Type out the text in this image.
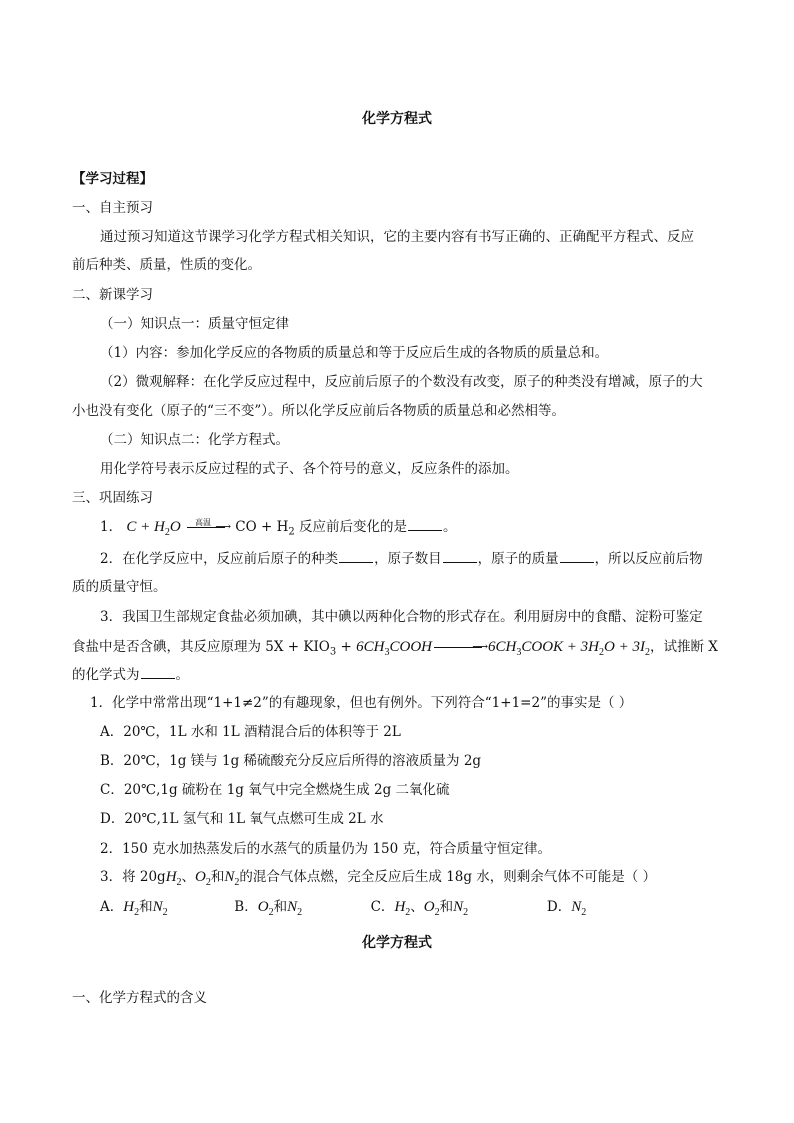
化学方程式
【学习过程】
一、自主预习
通过预习知道这节课学习化学方程式相关知识，它的主要内容有书写正确的、正确配平方程式、反应
前后种类、质量，性质的变化。
二、新课学习
（一）知识点一：质量守恒定律
（1）内容：参加化学反应的各物质的质量总和等于反应后生成的各物质的质量总和。
（2）微观解释：在化学反应过程中，反应前后原子的个数没有改变，原子的种类没有增减，原子的大
小也没有变化（原子的“三不变”）。所以化学反应前后各物质的质量总和必然相等。
（二）知识点二：化学方程式。
用化学符号表示反应过程的式子、各个符号的意义，反应条件的添加。
三、巩固练习
1． $C + H_2O$ 高温 ⟶ CO + $H_2$ 反应前后变化的是	。
2．在化学反应中，反应前后原子的种类	，原子数目	，原子的质量	，所以反应前后物
质的质量守恒。
3．我国卫生部规定食盐必须加碘，其中碘以两种化合物的形式存在。利用厨房中的食醋、淀粉可鉴定
食盐中是否含碘，其反应原理为 $5X + KIO_3$ + $6CH_3COOH$	⟶ $6CH_3COOK + 3H_2O + 3I_2$，试推断 X
的化学式为	。
1．化学中常常出现“1+1≠2”的有趣现象，但也有例外。下列符合“1+1=2”的事实是（ ）
A．20℃，1L 水和 1L 酒精混合后的体积等于 2L
B．20℃，1g 镁与 1g 稀硫酸充分反应后所得的溶液质量为 2g
C．20℃,1g 硫粉在 1g 氧气中完全燃烧生成 2g 二氧化硫
D．20℃,1L 氢气和 1L 氧气点燃可生成 2L 水
2．150 克水加热蒸发后的水蒸气的质量仍为 150 克，符合质量守恒定律。
3．将 $20gH_2$、$O_2$和$N_2$的混合气体点燃，完全反应后生成 18g 水，则剩余气体不可能是（ ）
A．$H_2$和$N_2$	B．$O_2$和$N_2$	C．$H_2$、$O_2$和$N_2$	D．$N_2$
化学方程式
一、化学方程式的含义
